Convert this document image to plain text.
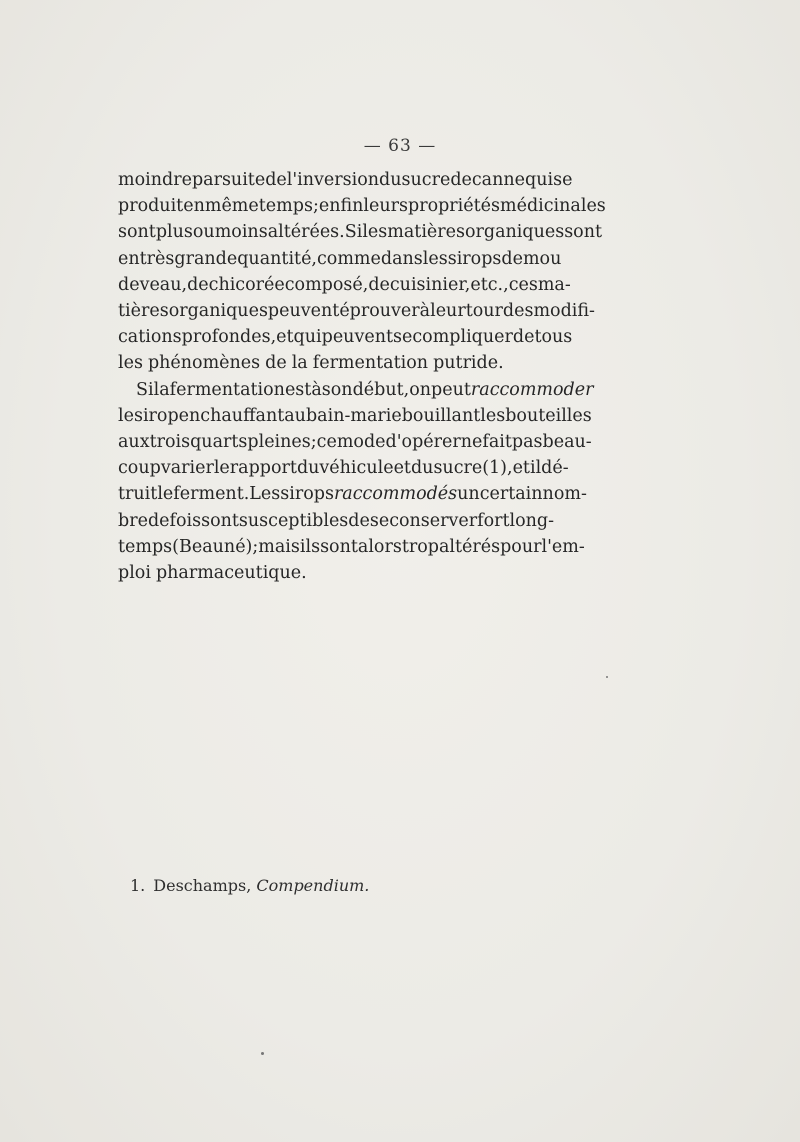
— 63 —
moindre par suite de l'inversion du sucre de canne qui se
produit en même temps ; enfin leurs propriétés médicinales
sont plus ou moins altérées. Si les matières organiques sont
en très grande quantité, comme dans les sirops de mou
de veau, de chicorée composé, de cuisinier, etc., ces ma-
tières organiques peuvent éprouver à leur tour des modifi-
cations profondes, et qui peuvent se compliquer de tous
les phénomènes de la fermentation putride.
Si la fermentation est à son début, on peut raccommoder
le sirop en chauffant au bain-marie bouillant les bouteilles
aux trois quarts pleines; ce mode d'opérer ne fait pas beau-
coup varier le rapport du véhicule et du sucre (1), et il dé-
truit le ferment. Les sirops raccommodés un certain nom-
bre de fois sont susceptibles de se conserver fort long-
temps (Beauné); mais ils sont alors trop altérés pour l'em-
ploi pharmaceutique.
1. Deschamps, Compendium.
